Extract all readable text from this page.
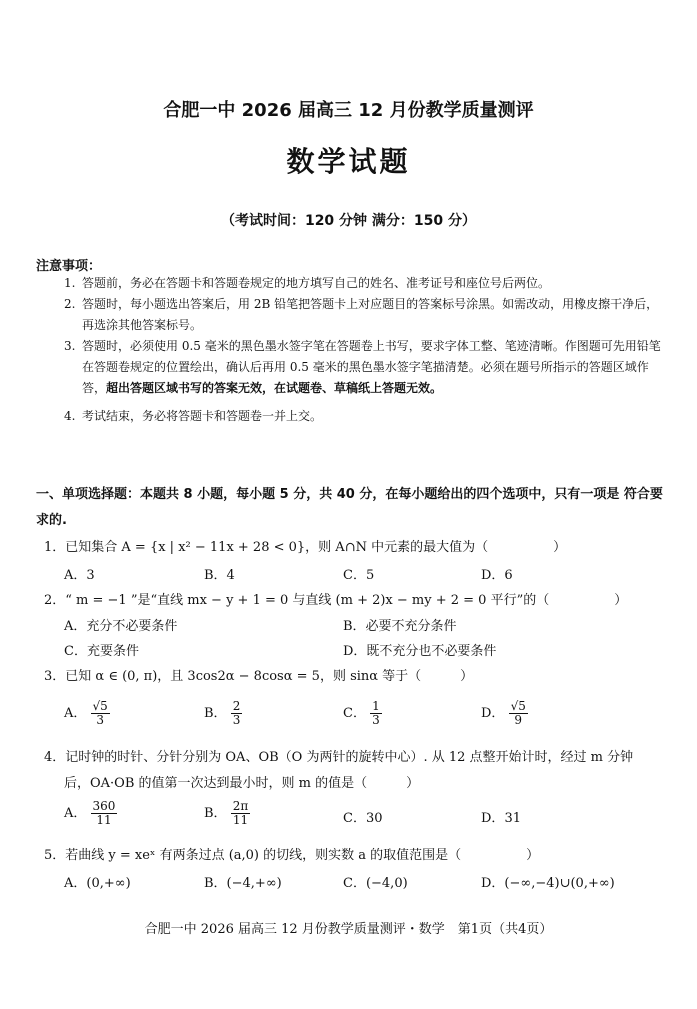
合肥一中 2026 届高三 12 月份教学质量测评
数学试题
（考试时间：120 分钟 满分：150 分）
注意事项：
1. 答题前，务必在答题卡和答题卷规定的地方填写自己的姓名、准考证号和座位号后两位。
2. 答题时，每小题选出答案后，用 2B 铅笔把答题卡上对应题目的答案标号涂黑。如需改动，用橡皮擦干净后，再选涂其他答案标号。
3. 答题时，必须使用 0.5 毫米的黑色墨水签字笔在答题卷上书写，要求字体工整、笔迹清晰。作图题可先用铅笔在答题卷规定的位置绘出，确认后再用 0.5 毫米的黑色墨水签字笔描清楚。必须在题号所指示的答题区域作答，超出答题区域书写的答案无效，在试题卷、草稿纸上答题无效。
4. 考试结束，务必将答题卡和答题卷一并上交。
一、单项选择题：本题共 8 小题，每小题 5 分，共 40 分，在每小题给出的四个选项中，只有一项是 符合要求的.
1．已知集合 A = {x | x² − 11x + 28 < 0}，则 A∩N 中元素的最大值为（　　　　　）
A．3	B．4	C．5	D．6
2．“ m = −1 ”是“直线 mx − y + 1 = 0 与直线 (m + 2)x − my + 2 = 0 平行”的（　　　　　）
A．充分不必要条件	B．必要不充分条件
C．充要条件	D．既不充分也不必要条件
3．已知 α ∈ (0, π)，且 3cos2α − 8cosα = 5，则 sinα 等于（　　　）
A． $\frac{√5}{3}$	B． $\frac{2}{3}$	C． $\frac{1}{3}$	D． $\frac{√5}{9}$
4．记时钟的时针、分针分别为 OA、OB（O 为两针的旋转中心）. 从 12 点整开始计时，经过 m 分钟
后，OA·OB 的值第一次达到最小时，则 m 的值是（　　　）
A． $\frac{360}{11}$	B． $\frac{2\pi}{11}$	C．30	D．31
5．若曲线 y = xeˣ 有两条过点 (a,0) 的切线，则实数 a 的取值范围是（　　　　　）
A．(0,+∞)	B．(−4,+∞)	C．(−4,0)	D．(−∞,−4)∪(0,+∞)
合肥一中 2026 届高三 12 月份教学质量测评・数学　第1页（共4页）
